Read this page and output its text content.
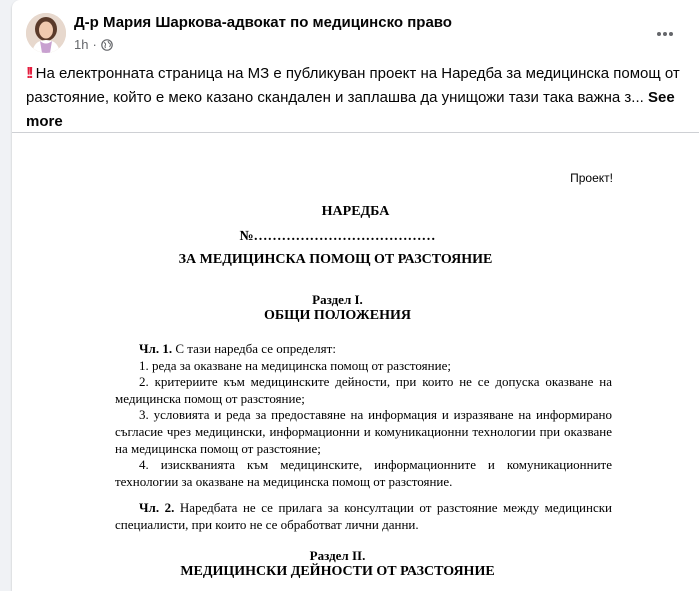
Д-р Мария Шаркова-адвокат по медицинско право
1h ·
!! На електронната страница на МЗ е публикуван проект на Наредба за медицинска помощ от разстояние, който е меко казано скандален и заплашва да унищожи тази така важна з... See more
Проект!
НАРЕДБА
№…………………………………
ЗА МЕДИЦИНСКА ПОМОЩ ОТ РАЗСТОЯНИЕ
Раздел I.
ОБЩИ ПОЛОЖЕНИЯ

Чл. 1. С тази наредба се определят:

1. реда за оказване на медицинска помощ от разстояние;

2. критериите към медицинските дейности, при които не се допуска оказване на медицинска помощ от разстояние;

3. условията и реда за предоставяне на информация и изразяване на информирано съгласие чрез медицински, информационни и комуникационни технологии при оказване на медицинска помощ от разстояние;

4. изискванията към медицинските, информационните и комуникационните технологии за оказване на медицинска помощ от разстояние.

Чл. 2. Наредбата не се прилага за консултации от разстояние между медицински специалисти, при които не се обработват лични данни.

Раздел II.
МЕДИЦИНСКИ ДЕЙНОСТИ ОТ РАЗСТОЯНИЕ
